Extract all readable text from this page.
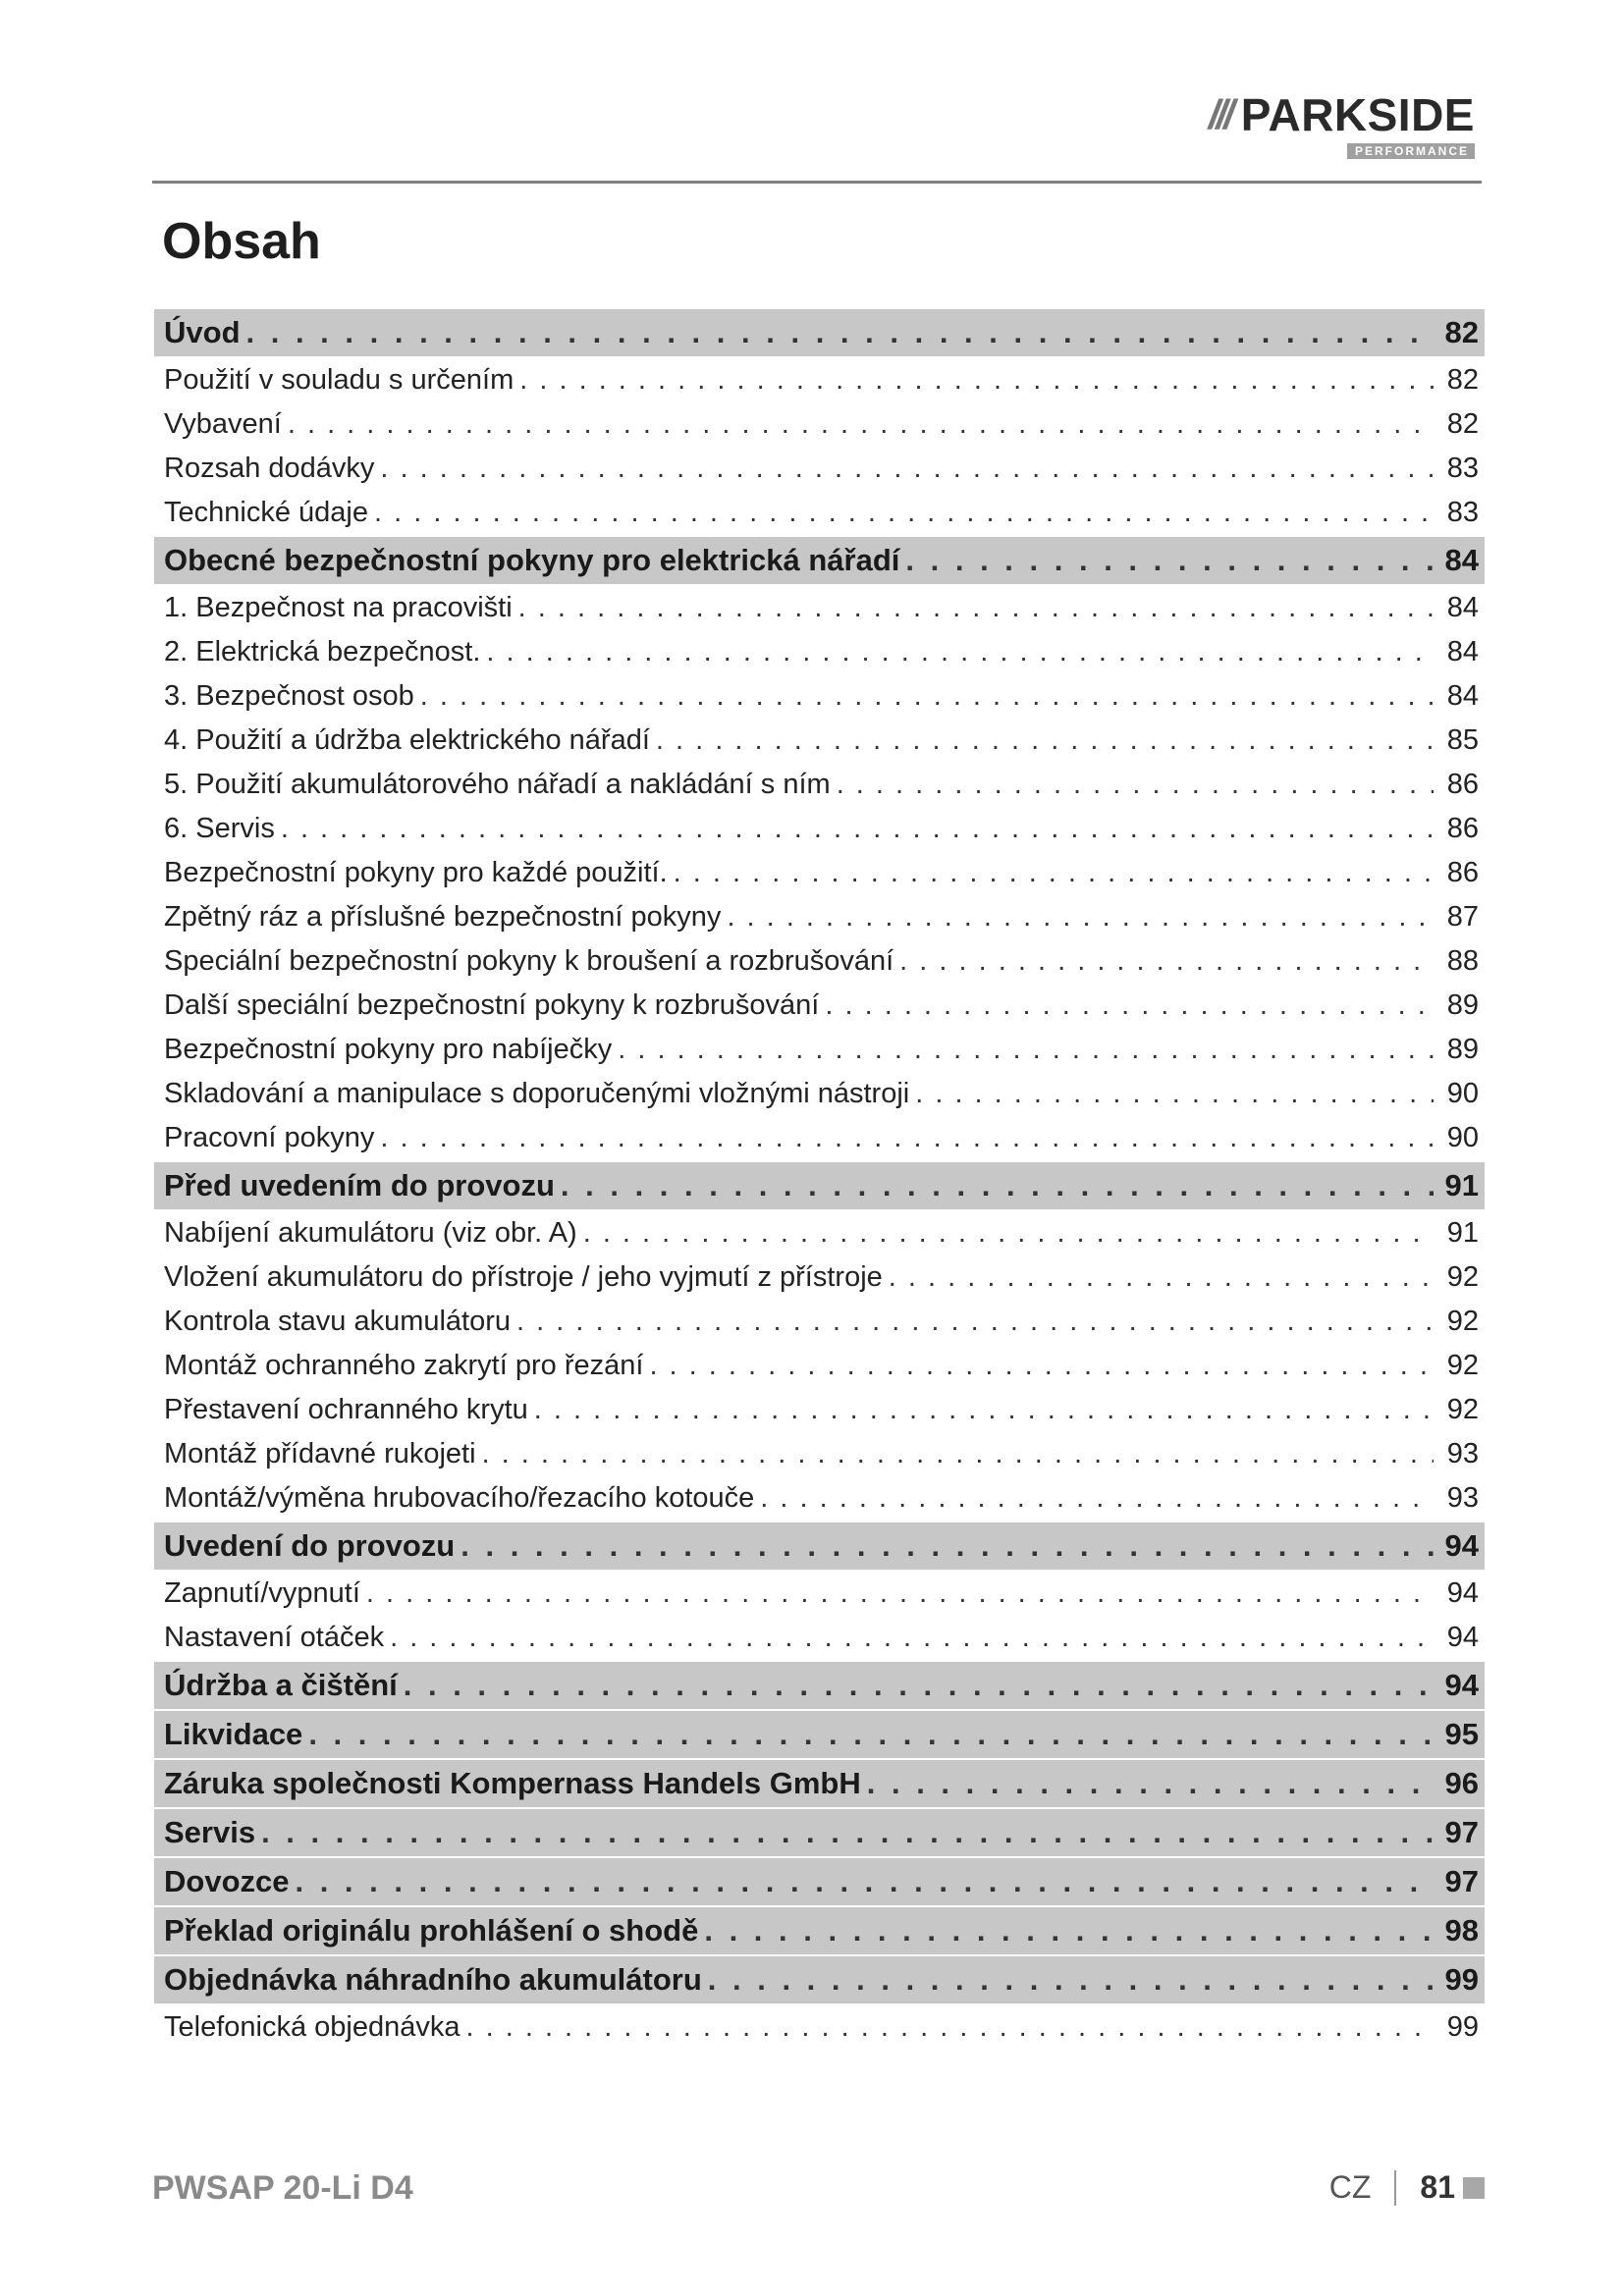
/// PARKSIDE
PERFORMANCE
Obsah
Úvod . . .	82
Použití v souladu s určením . . .	82
Vybavení . . .	82
Rozsah dodávky . . .	83
Technické údaje . . .	83
Obecné bezpečnostní pokyny pro elektrická nářadí . . .	84
1. Bezpečnost na pracovišti . . .	84
2. Elektrická bezpečnost. . . .	84
3. Bezpečnost osob . . .	84
4. Použití a údržba elektrického nářadí . . .	85
5. Použití akumulátorového nářadí a nakládání s ním . . .	86
6. Servis . . .	86
Bezpečnostní pokyny pro každé použití. . . .	86
Zpětný ráz a příslušné bezpečnostní pokyny . . .	87
Speciální bezpečnostní pokyny k broušení a rozbrušování . . .	88
Další speciální bezpečnostní pokyny k rozbrušování . . .	89
Bezpečnostní pokyny pro nabíječky . . .	89
Skladování a manipulace s doporučenými vložnými nástroji . . .	90
Pracovní pokyny . . .	90
Před uvedením do provozu . . .	91
Nabíjení akumulátoru (viz obr. A) . . .	91
Vložení akumulátoru do přístroje / jeho vyjmutí z přístroje . . .	92
Kontrola stavu akumulátoru . . .	92
Montáž ochranného zakrytí pro řezání . . .	92
Přestavení ochranného krytu . . .	92
Montáž přídavné rukojeti . . .	93
Montáž/výměna hrubovacího/řezacího kotouče . . .	93
Uvedení do provozu . . .	94
Zapnutí/vypnutí . . .	94
Nastavení otáček . . .	94
Údržba a čištění . . .	94
Likvidace . . .	95
Záruka společnosti Kompernass Handels GmbH . . .	96
Servis . . .	97
Dovozce . . .	97
Překlad originálu prohlášení o shodě . . .	98
Objednávka náhradního akumulátoru . . .	99
Telefonická objednávka . . .	99
PWSAP 20-Li D4	CZ 81
